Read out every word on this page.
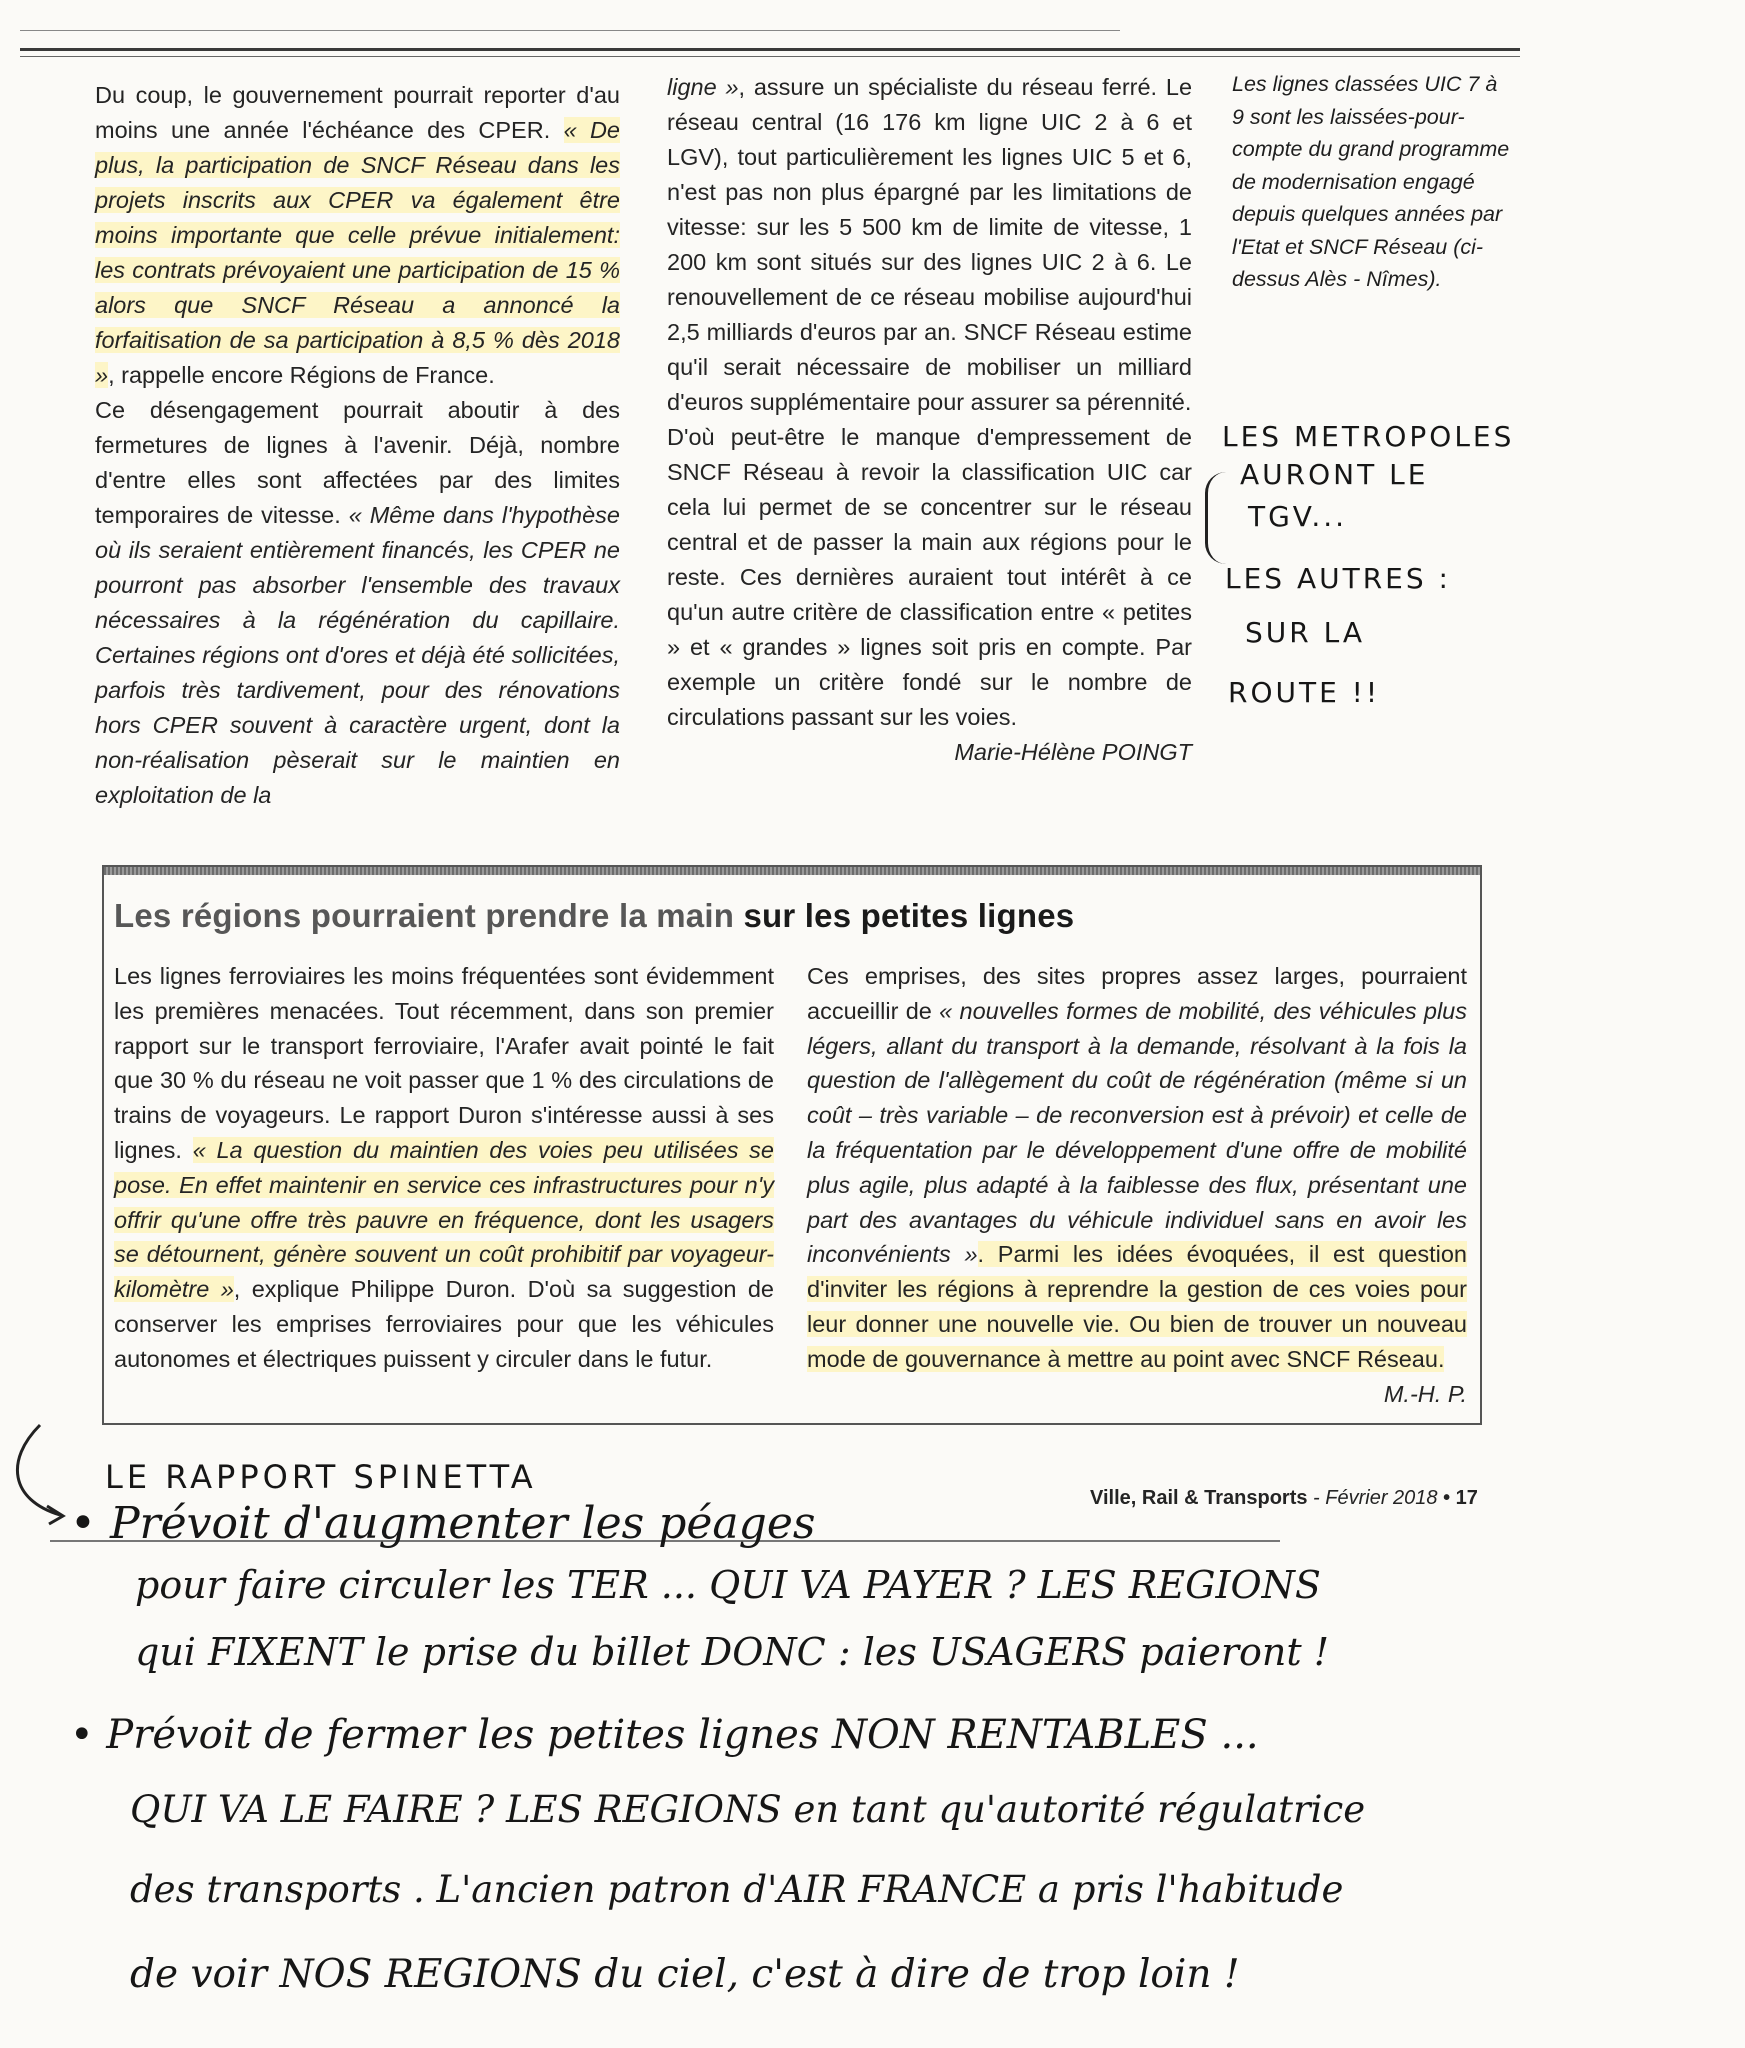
Du coup, le gouvernement pourrait reporter d'au moins une année l'échéance des CPER. « De plus, la participation de SNCF Réseau dans les projets inscrits aux CPER va également être moins importante que celle prévue initialement: les contrats prévoyaient une participation de 15 % alors que SNCF Réseau a annoncé la forfaitisation de sa participation à 8,5 % dès 2018 », rappelle encore Régions de France.

Ce désengagement pourrait aboutir à des fermetures de lignes à l'avenir. Déjà, nombre d'entre elles sont affectées par des limites temporaires de vitesse. « Même dans l'hypothèse où ils seraient entièrement financés, les CPER ne pourront pas absorber l'ensemble des travaux nécessaires à la régénération du capillaire. Certaines régions ont d'ores et déjà été sollicitées, parfois très tardivement, pour des rénovations hors CPER souvent à caractère urgent, dont la non-réalisation pèserait sur le maintien en exploitation de la

ligne », assure un spécialiste du réseau ferré. Le réseau central (16 176 km ligne UIC 2 à 6 et LGV), tout particulièrement les lignes UIC 5 et 6, n'est pas non plus épargné par les limitations de vitesse: sur les 5 500 km de limite de vitesse, 1 200 km sont situés sur des lignes UIC 2 à 6. Le renouvellement de ce réseau mobilise aujourd'hui 2,5 milliards d'euros par an. SNCF Réseau estime qu'il serait nécessaire de mobiliser un milliard d'euros supplémentaire pour assurer sa pérennité.

D'où peut-être le manque d'empressement de SNCF Réseau à revoir la classification UIC car cela lui permet de se concentrer sur le réseau central et de passer la main aux régions pour le reste. Ces dernières auraient tout intérêt à ce qu'un autre critère de classification entre « petites » et « grandes » lignes soit pris en compte. Par exemple un critère fondé sur le nombre de circulations passant sur les voies.

Marie-Hélène POINGT
Les lignes classées UIC 7 à 9 sont les laissées-pour-compte du grand programme de modernisation engagé depuis quelques années par l'Etat et SNCF Réseau (ci-dessus Alès - Nîmes).
LES METROPOLES
AURONT LE
TGV...
LES AUTRES :
SUR LA
ROUTE !!
Les régions pourraient prendre la main sur les petites lignes
Les lignes ferroviaires les moins fréquentées sont évidemment les premières menacées. Tout récemment, dans son premier rapport sur le transport ferroviaire, l'Arafer avait pointé le fait que 30 % du réseau ne voit passer que 1 % des circulations de trains de voyageurs. Le rapport Duron s'intéresse aussi à ses lignes. « La question du maintien des voies peu utilisées se pose. En effet maintenir en service ces infrastructures pour n'y offrir qu'une offre très pauvre en fréquence, dont les usagers se détournent, génère souvent un coût prohibitif par voyageur-kilomètre », explique Philippe Duron. D'où sa suggestion de conserver les emprises ferroviaires pour que les véhicules autonomes et électriques puissent y circuler dans le futur.
Ces emprises, des sites propres assez larges, pourraient accueillir de « nouvelles formes de mobilité, des véhicules plus légers, allant du transport à la demande, résolvant à la fois la question de l'allègement du coût de régénération (même si un coût – très variable – de reconversion est à prévoir) et celle de la fréquentation par le développement d'une offre de mobilité plus agile, plus adapté à la faiblesse des flux, présentant une part des avantages du véhicule individuel sans en avoir les inconvénients ». Parmi les idées évoquées, il est question d'inviter les régions à reprendre la gestion de ces voies pour leur donner une nouvelle vie. Ou bien de trouver un nouveau mode de gouvernance à mettre au point avec SNCF Réseau.
M.-H. P.
Ville, Rail & Transports - Février 2018 • 17
LE RAPPORT SPINETTA
• Prévoit d'augmenter les péages
pour faire circuler les TER ... QUI VA PAYER ? LES REGIONS
qui FIXENT le prise du billet DONC : les USAGERS paieront !
• Prévoit de fermer les petites lignes NON RENTABLES ...
QUI VA LE FAIRE ? LES REGIONS en tant qu'autorité régulatrice
des transports . L'ancien patron d'AIR FRANCE a pris l'habitude
de voir NOS REGIONS du ciel, c'est à dire de trop loin !
